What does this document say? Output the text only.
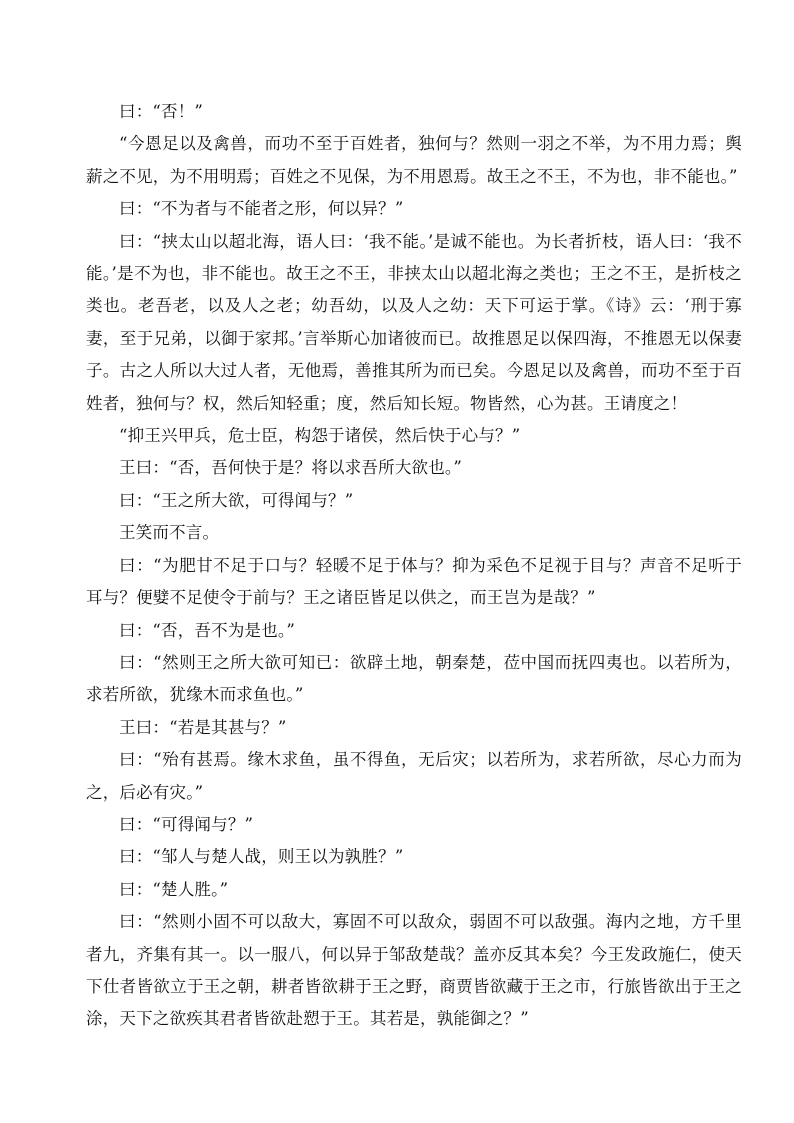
曰：“否！”

“今恩足以及禽兽，而功不至于百姓者，独何与？然则一羽之不举，为不用力焉；舆薪之不见，为不用明焉；百姓之不见保，为不用恩焉。故王之不王，不为也，非不能也。”

曰：“不为者与不能者之形，何以异？”

曰：“挟太山以超北海，语人曰：‘我不能。’是诚不能也。为长者折枝，语人曰：‘我不能。’是不为也，非不能也。故王之不王，非挟太山以超北海之类也；王之不王，是折枝之类也。老吾老，以及人之老；幼吾幼，以及人之幼：天下可运于掌。《诗》云：‘刑于寡妻，至于兄弟，以御于家邦。’言举斯心加诸彼而已。故推恩足以保四海，不推恩无以保妻子。古之人所以大过人者，无他焉，善推其所为而已矣。今恩足以及禽兽，而功不至于百姓者，独何与？权，然后知轻重；度，然后知长短。物皆然，心为甚。王请度之！

“抑王兴甲兵，危士臣，构怨于诸侯，然后快于心与？”

王曰：“否，吾何快于是？将以求吾所大欲也。”

曰：“王之所大欲，可得闻与？”

王笑而不言。

曰：“为肥甘不足于口与？轻暖不足于体与？抑为采色不足视于目与？声音不足听于耳与？便嬖不足使令于前与？王之诸臣皆足以供之，而王岂为是哉？”

曰：“否，吾不为是也。”

曰：“然则王之所大欲可知已：欲辟土地，朝秦楚，莅中国而抚四夷也。以若所为，求若所欲，犹缘木而求鱼也。”

王曰：“若是其甚与？”

曰：“殆有甚焉。缘木求鱼，虽不得鱼，无后灾；以若所为，求若所欲，尽心力而为之，后必有灾。”

曰：“可得闻与？”

曰：“邹人与楚人战，则王以为孰胜？”

曰：“楚人胜。”

曰：“然则小固不可以敌大，寡固不可以敌众，弱固不可以敌强。海内之地，方千里者九，齐集有其一。以一服八，何以异于邹敌楚哉？盖亦反其本矣？今王发政施仁，使天下仕者皆欲立于王之朝，耕者皆欲耕于王之野，商贾皆欲藏于王之市，行旅皆欲出于王之涂，天下之欲疾其君者皆欲赴愬于王。其若是，孰能御之？”
